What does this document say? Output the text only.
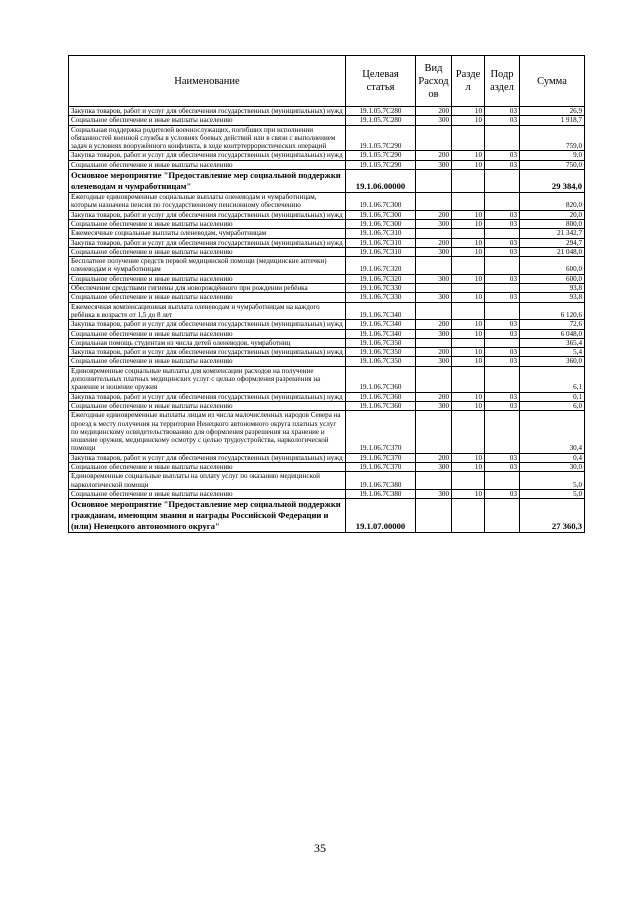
Наименование	Целевая статья	Вид Расход ов	Разде л	Подр аздел	Сумма
Закупка товаров, работ и услуг для обеспечения государственных (муниципальных) нужд	19.1.05.7С280	200	10	03	26,9
Социальное обеспечение и иные выплаты населению	19.1.05.7С280	300	10	03	1 918,7
Социальная поддержка родителей военнослужащих, погибших при исполнении обязанностей военной службы в условиях боевых действий или в связи с выполнением задач в условиях вооружённого конфликта, в ходе контртеррористических операций	19.1.05.7С290				759,0
Закупка товаров, работ и услуг для обеспечения государственных (муниципальных) нужд	19.1.05.7С290	200	10	03	9,0
Социальное обеспечение и иные выплаты населению	19.1.05.7С290	300	10	03	750,0
Основное мероприятие "Предоставление мер социальной поддержки оленеводам и чумработницам"	19.1.06.00000				29 384,0
Ежегодные единовременные социальные выплаты оленеводам и чумработницам, которым назначена пенсия по государственному пенсионному обеспечению	19.1.06.7С300				820,0
Закупка товаров, работ и услуг для обеспечения государственных (муниципальных) нужд	19.1.06.7С300	200	10	03	20,0
Социальное обеспечение и иные выплаты населению	19.1.06.7С300	300	10	03	800,0
Ежемесячные социальные выплаты оленеводам, чумработницам	19.1.06.7С310				21 342,7
Закупка товаров, работ и услуг для обеспечения государственных (муниципальных) нужд	19.1.06.7С310	200	10	03	294,7
Социальное обеспечение и иные выплаты населению	19.1.06.7С310	300	10	03	21 048,0
Бесплатное получение средств первой медицинской помощи (медицинские аптечки) оленеводам и чумработницам	19.1.06.7С320				600,0
Социальное обеспечение и иные выплаты населению	19.1.06.7С320	300	10	03	600,0
Обеспечение средствами гигиены для новорождённого при рождении ребёнка	19.1.06.7С330				93,8
Социальное обеспечение и иные выплаты населению	19.1.06.7С330	300	10	03	93,8
Ежемесячная компенсационная выплата оленеводам и чумработницам на каждого ребёнка в возрасте от 1,5 до 8 лет	19.1.06.7С340				6 120,6
Закупка товаров, работ и услуг для обеспечения государственных (муниципальных) нужд	19.1.06.7С340	200	10	03	72,6
Социальное обеспечение и иные выплаты населению	19.1.06.7С340	300	10	03	6 048,0
Социальная помощь студентам из числа детей оленеводов, чумработниц	19.1.06.7С350				365,4
Закупка товаров, работ и услуг для обеспечения государственных (муниципальных) нужд	19.1.06.7С350	200	10	03	5,4
Социальное обеспечение и иные выплаты населению	19.1.06.7С350	300	10	03	360,0
Единовременные социальные выплаты для компенсации расходов на получение дополнительных платных медицинских услуг с целью оформления разрешения на хранение и ношение оружия	19.1.06.7С360				6,1
Закупка товаров, работ и услуг для обеспечения государственных (муниципальных) нужд	19.1.06.7С360	200	10	03	0,1
Социальное обеспечение и иные выплаты населению	19.1.06.7С360	300	10	03	6,0
Ежегодные единовременные выплаты лицам из числа малочисленных народов Севера на проезд к месту получения на территории Ненецкого автономного округа платных услуг по медицинскому освидетельствованию для оформления разрешения на хранение и ношение оружия, медицинскому осмотру с целью трудоустройства, наркологической помощи	19.1.06.7С370				30,4
Закупка товаров, работ и услуг для обеспечения государственных (муниципальных) нужд	19.1.06.7С370	200	10	03	0,4
Социальное обеспечение и иные выплаты населению	19.1.06.7С370	300	10	03	30,0
Единовременные социальные выплаты на оплату услуг по оказанию медицинской наркологической помощи	19.1.06.7С380				5,0
Социальное обеспечение и иные выплаты населению	19.1.06.7С380	300	10	03	5,0
Основное мероприятие "Предоставление мер социальной поддержки гражданам, имеющим звания и награды Российской Федерации и (или) Ненецкого автономного округа"	19.1.07.00000				27 360,3
35
